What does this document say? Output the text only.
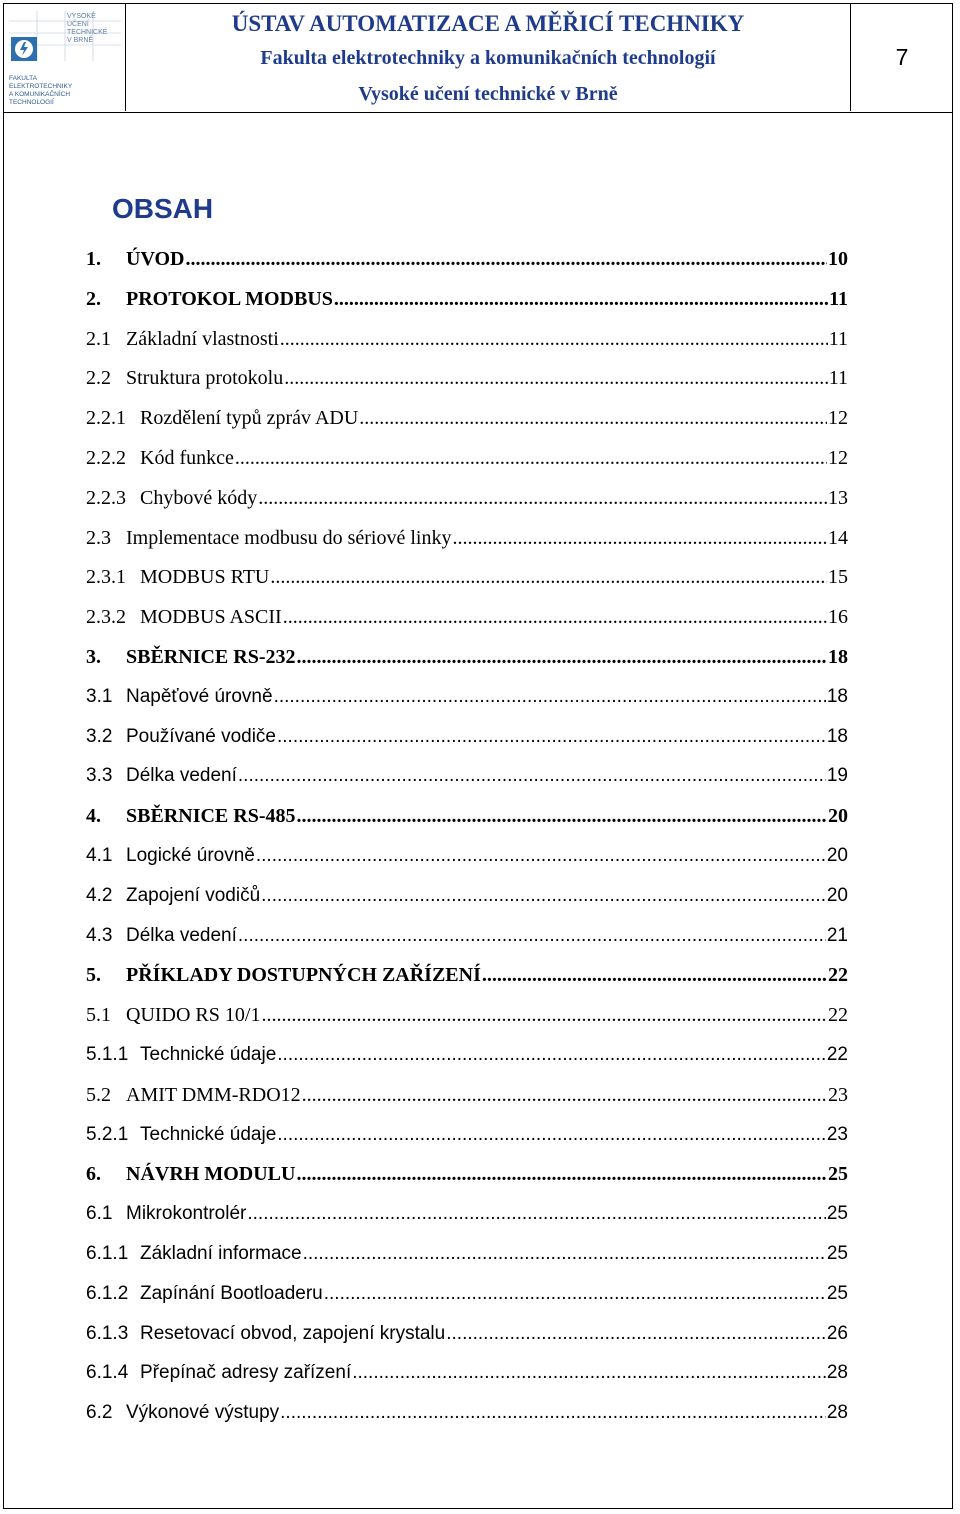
VYSOKÉ
UČENÍ
TECHNICKÉ
V BRNĚ
FAKULTA
ELEKTROTECHNIKY
A KOMUNIKAČNÍCH
TECHNOLOGIÍ
ÚSTAV AUTOMATIZACE A MĚŘICÍ TECHNIKY
Fakulta elektrotechniky a komunikačních technologií
Vysoké učení technické v Brně
7
OBSAH
1.	ÚVOD .....	10
2.	PROTOKOL MODBUS .....	11
2.1 Základní vlastnosti .....	11
2.2 Struktura protokolu .....	11
2.2.1 Rozdělení typů zpráv ADU .....	12
2.2.2 Kód funkce .....	12
2.2.3 Chybové kódy .....	13
2.3 Implementace modbusu do sériové linky .....	14
2.3.1 MODBUS RTU .....	15
2.3.2 MODBUS ASCII .....	16
3.	SBĚRNICE RS-232 .....	18
3.1 Napěťové úrovně .....	18
3.2 Používané vodiče .....	18
3.3 Délka vedení .....	19
4.	SBĚRNICE RS-485 .....	20
4.1 Logické úrovně .....	20
4.2 Zapojení vodičů .....	20
4.3 Délka vedení .....	21
5.	PŘÍKLADY DOSTUPNÝCH ZAŘÍZENÍ .....	22
5.1 QUIDO RS 10/1 .....	22
5.1.1 Technické údaje .....	22
5.2 AMIT DMM-RDO12 .....	23
5.2.1 Technické údaje .....	23
6.	NÁVRH MODULU .....	25
6.1 Mikrokontrolér .....	25
6.1.1 Základní informace .....	25
6.1.2 Zapínání Bootloaderu .....	25
6.1.3 Resetovací obvod, zapojení krystalu .....	26
6.1.4 Přepínač adresy zařízení .....	28
6.2 Výkonové výstupy .....	28
